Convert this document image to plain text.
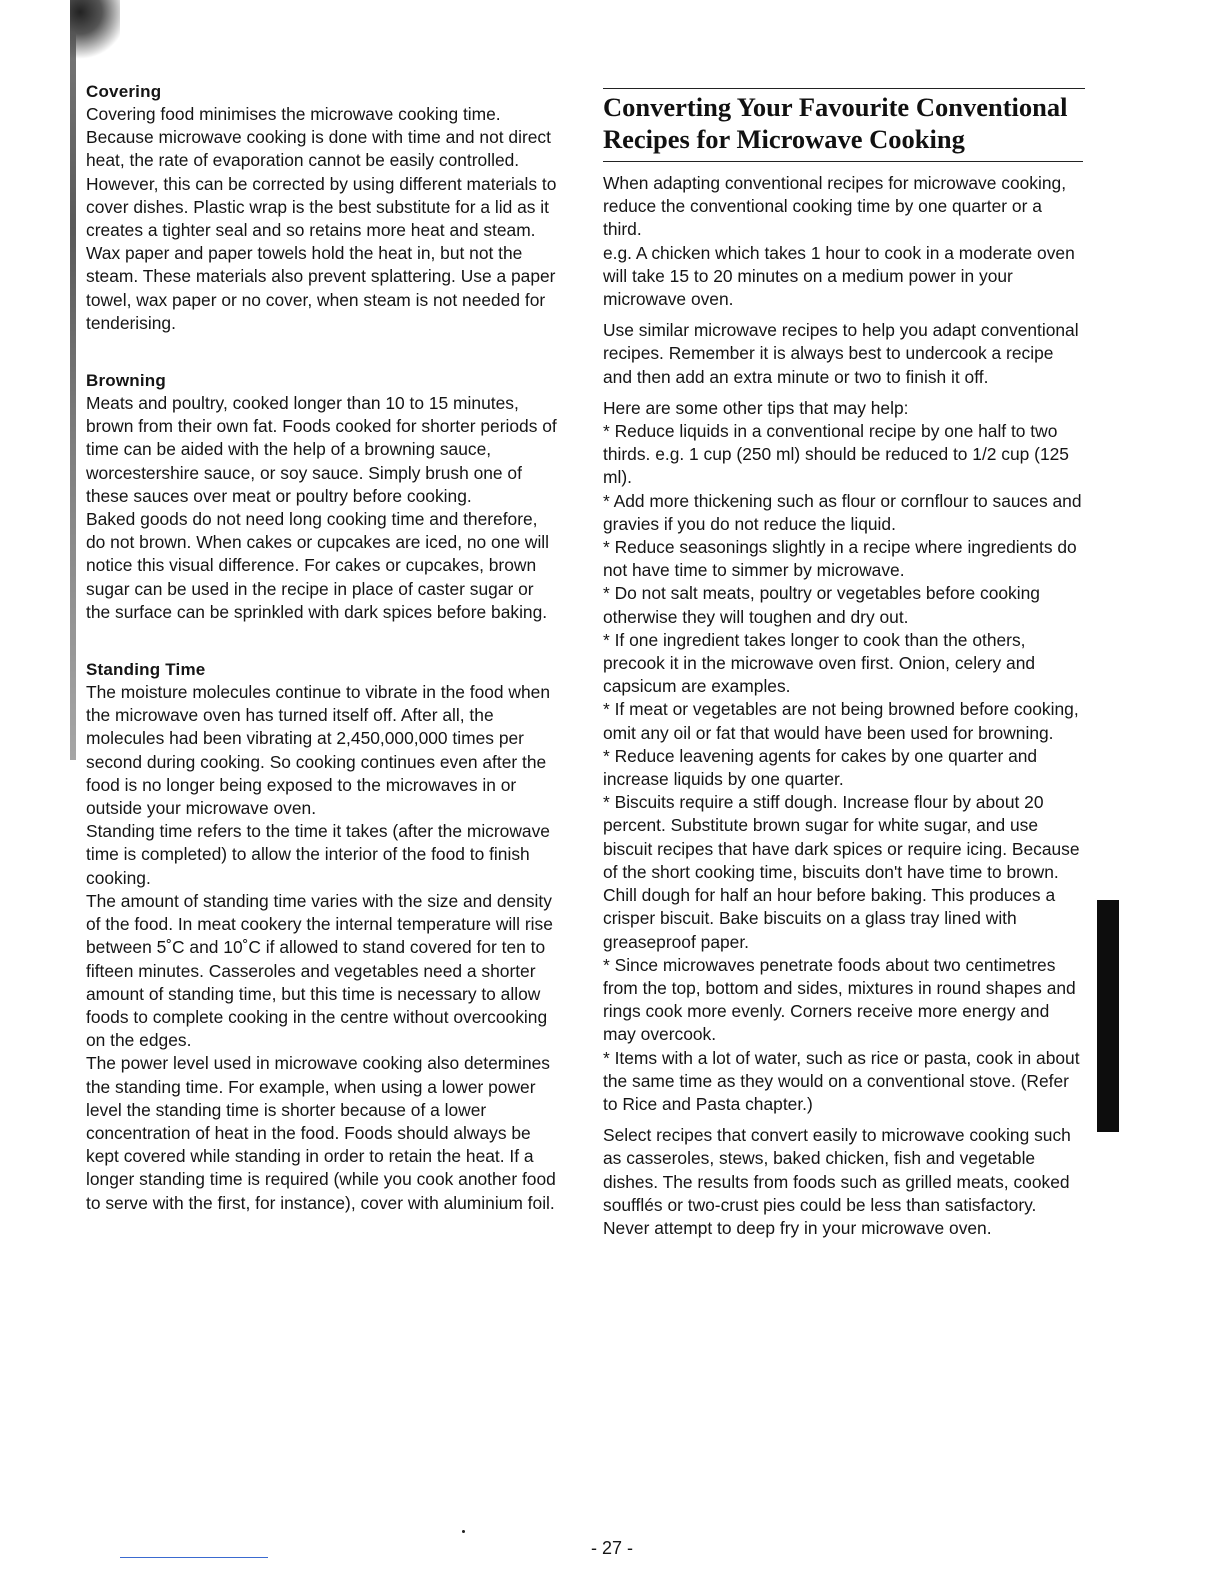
Covering

Covering food minimises the microwave cooking time.

Because microwave cooking is done with time and not direct heat, the rate of evaporation cannot be easily controlled. However, this can be corrected by using different materials to cover dishes. Plastic wrap is the best substitute for a lid as it creates a tighter seal and so retains more heat and steam. Wax paper and paper towels hold the heat in, but not the steam. These materials also prevent splattering. Use a paper towel, wax paper or no cover, when steam is not needed for tenderising.

Browning

Meats and poultry, cooked longer than 10 to 15 minutes, brown from their own fat. Foods cooked for shorter periods of time can be aided with the help of a browning sauce, worcestershire sauce, or soy sauce. Simply brush one of these sauces over meat or poultry before cooking.

Baked goods do not need long cooking time and therefore, do not brown. When cakes or cupcakes are iced, no one will notice this visual difference. For cakes or cupcakes, brown sugar can be used in the recipe in place of caster sugar or the surface can be sprinkled with dark spices before baking.

Standing Time

The moisture molecules continue to vibrate in the food when the microwave oven has turned itself off. After all, the molecules had been vibrating at 2,450,000,000 times per second during cooking. So cooking continues even after the food is no longer being exposed to the microwaves in or outside your microwave oven.

Standing time refers to the time it takes (after the microwave time is completed) to allow the interior of the food to finish cooking.

The amount of standing time varies with the size and density of the food. In meat cookery the internal temperature will rise between 5˚C and 10˚C if allowed to stand covered for ten to fifteen minutes. Casseroles and vegetables need a shorter amount of standing time, but this time is necessary to allow foods to complete cooking in the centre without overcooking on the edges.

The power level used in microwave cooking also determines the standing time. For example, when using a lower power level the standing time is shorter because of a lower concentration of heat in the food. Foods should always be kept covered while standing in order to retain the heat. If a longer standing time is required (while you cook another food to serve with the first, for instance), cover with aluminium foil.

Converting Your Favourite Conventional Recipes for Microwave Cooking

When adapting conventional recipes for microwave cooking, reduce the conventional cooking time by one quarter or a third.
e.g. A chicken which takes 1 hour to cook in a moderate oven will take 15 to 20 minutes on a medium power in your microwave oven.

Use similar microwave recipes to help you adapt conventional recipes. Remember it is always best to undercook a recipe and then add an extra minute or two to finish it off.

Here are some other tips that may help:

* Reduce liquids in a conventional recipe by one half to two thirds. e.g. 1 cup (250 ml) should be reduced to 1/2 cup (125 ml).

* Add more thickening such as flour or cornflour to sauces and gravies if you do not reduce the liquid.

* Reduce seasonings slightly in a recipe where ingredients do not have time to simmer by microwave.

* Do not salt meats, poultry or vegetables before cooking otherwise they will toughen and dry out.

* If one ingredient takes longer to cook than the others, precook it in the microwave oven first. Onion, celery and capsicum are examples.

* If meat or vegetables are not being browned before cooking, omit any oil or fat that would have been used for browning.

* Reduce leavening agents for cakes by one quarter and increase liquids by one quarter.

* Biscuits require a stiff dough. Increase flour by about 20 percent. Substitute brown sugar for white sugar, and use biscuit recipes that have dark spices or require icing. Because of the short cooking time, biscuits don't have time to brown. Chill dough for half an hour before baking. This produces a crisper biscuit. Bake biscuits on a glass tray lined with greaseproof paper.

* Since microwaves penetrate foods about two centimetres from the top, bottom and sides, mixtures in round shapes and rings cook more evenly. Corners receive more energy and may overcook.

* Items with a lot of water, such as rice or pasta, cook in about the same time as they would on a conventional stove. (Refer to Rice and Pasta chapter.)

Select recipes that convert easily to microwave cooking such as casseroles, stews, baked chicken, fish and vegetable dishes. The results from foods such as grilled meats, cooked soufflés or two-crust pies could be less than satisfactory. Never attempt to deep fry in your microwave oven.

- 27 -
